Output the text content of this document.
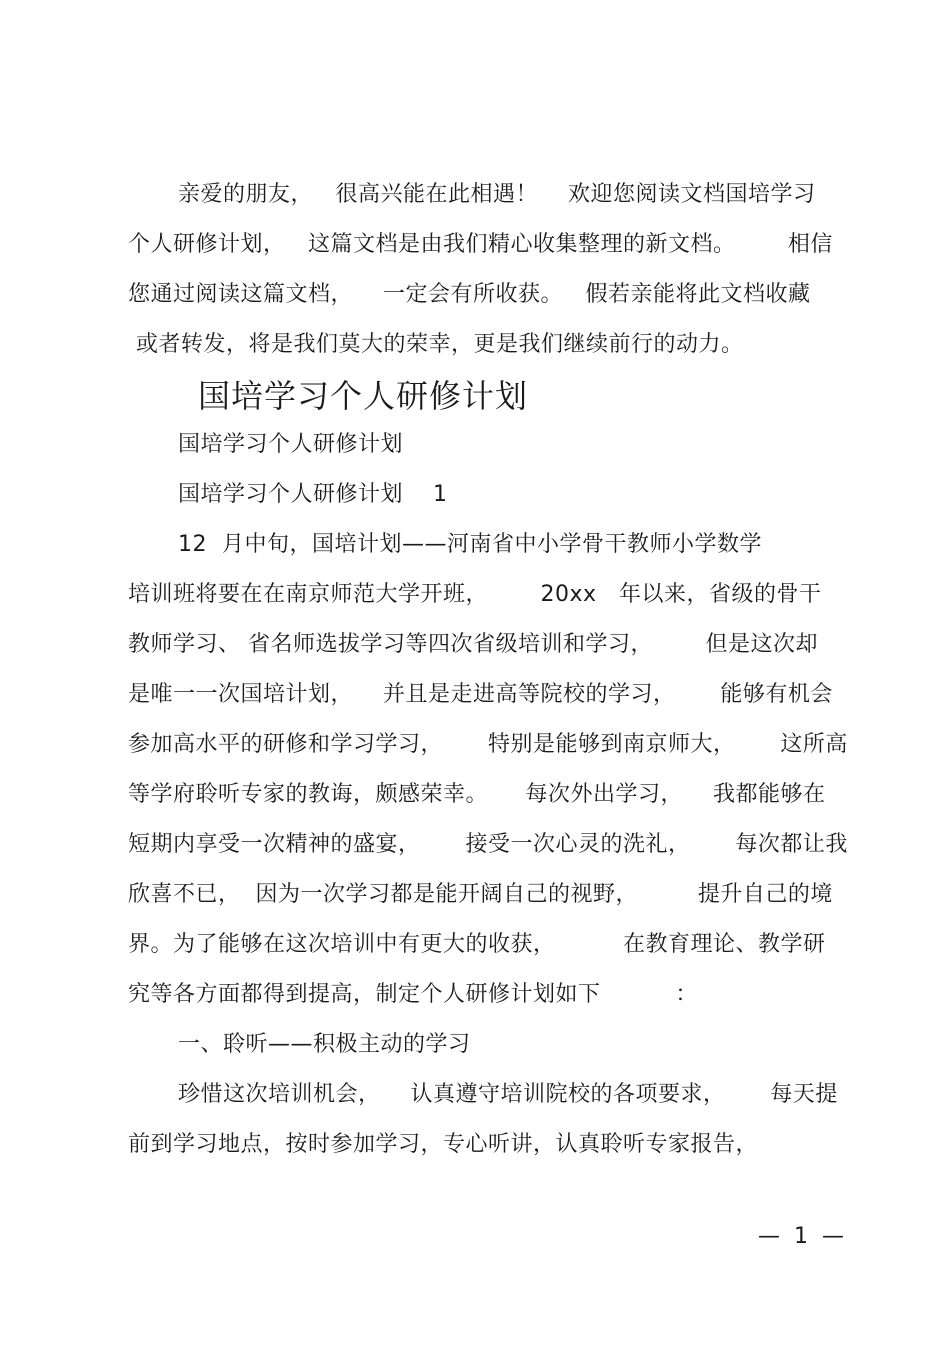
亲爱的朋友，   很高兴能在此相遇！    欢迎您阅读文档国培学习
个人研修计划，   这篇文档是由我们精心收集整理的新文档。       相信
您通过阅读这篇文档，    一定会有所收获。   假若亲能将此文档收藏
或者转发，将是我们莫大的荣幸，更是我们继续前行的动力。
国培学习个人研修计划
国培学习个人研修计划
国培学习个人研修计划    1
12  月中旬，国培计划——河南省中小学骨干教师小学数学
培训班将要在在南京师范大学开班，       20xx   年以来，省级的骨干
教师学习、 省名师选拔学习等四次省级培训和学习，       但是这次却
是唯一一次国培计划，    并且是走进高等院校的学习，      能够有机会
参加高水平的研修和学习学习，      特别是能够到南京师大，      这所高
等学府聆听专家的教诲，颇感荣幸。     每次外出学习，    我都能够在
短期内享受一次精神的盛宴，      接受一次心灵的洗礼，      每次都让我
欣喜不已，  因为一次学习都是能开阔自己的视野，        提升自己的境
界。为了能够在这次培训中有更大的收获，         在教育理论、教学研
究等各方面都得到提高，制定个人研修计划如下          ：
一、聆听——积极主动的学习
珍惜这次培训机会，    认真遵守培训院校的各项要求，      每天提
前到学习地点，按时参加学习，专心听讲，认真聆听专家报告，
—  1  —
